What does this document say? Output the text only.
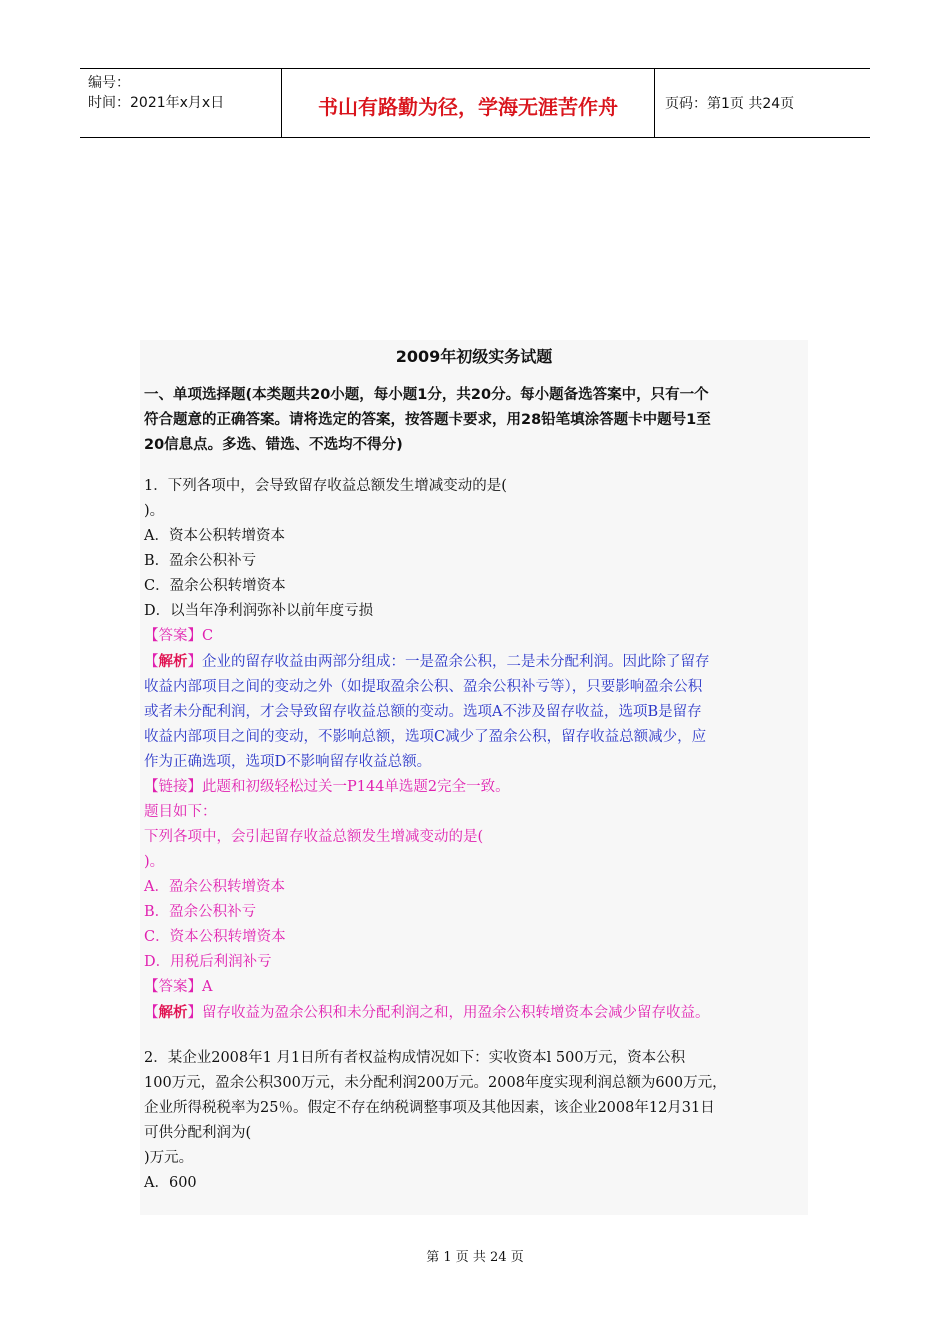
编号：
时间：2021年x月x日	书山有路勤为径，学海无涯苦作舟	页码：第1页 共24页
2009年初级实务试题
一、单项选择题(本类题共20小题，每小题1分，共20分。每小题备选答案中，只有一个
符合题意的正确答案。请将选定的答案，按答题卡要求，用28铅笔填涂答题卡中题号1至
20信息点。多选、错选、不选均不得分)

1．下列各项中，会导致留存收益总额发生增减变动的是(

)。

A．资本公积转增资本

B．盈余公积补亏

C．盈余公积转增资本

D．以当年净利润弥补以前年度亏损

【答案】C

【解析】企业的留存收益由两部分组成：一是盈余公积，二是未分配利润。因此除了留存

收益内部项目之间的变动之外（如提取盈余公积、盈余公积补亏等），只要影响盈余公积

或者未分配利润，才会导致留存收益总额的变动。选项A不涉及留存收益，选项B是留存

收益内部项目之间的变动，不影响总额，选项C减少了盈余公积，留存收益总额减少，应

作为正确选项，选项D不影响留存收益总额。

【链接】此题和初级轻松过关一P144单选题2完全一致。

题目如下：

下列各项中，会引起留存收益总额发生增减变动的是(

)。

A．盈余公积转增资本

B．盈余公积补亏

C．资本公积转增资本

D．用税后利润补亏

【答案】A

【解析】留存收益为盈余公积和未分配利润之和，用盈余公积转增资本会减少留存收益。

2．某企业2008年1 月1日所有者权益构成情况如下：实收资本l 500万元，资本公积

100万元，盈余公积300万元，未分配利润200万元。2008年度实现利润总额为600万元，

企业所得税税率为25％。假定不存在纳税调整事项及其他因素，该企业2008年12月31日

可供分配利润为(

)万元。

A．600

第 1 页 共 24 页
